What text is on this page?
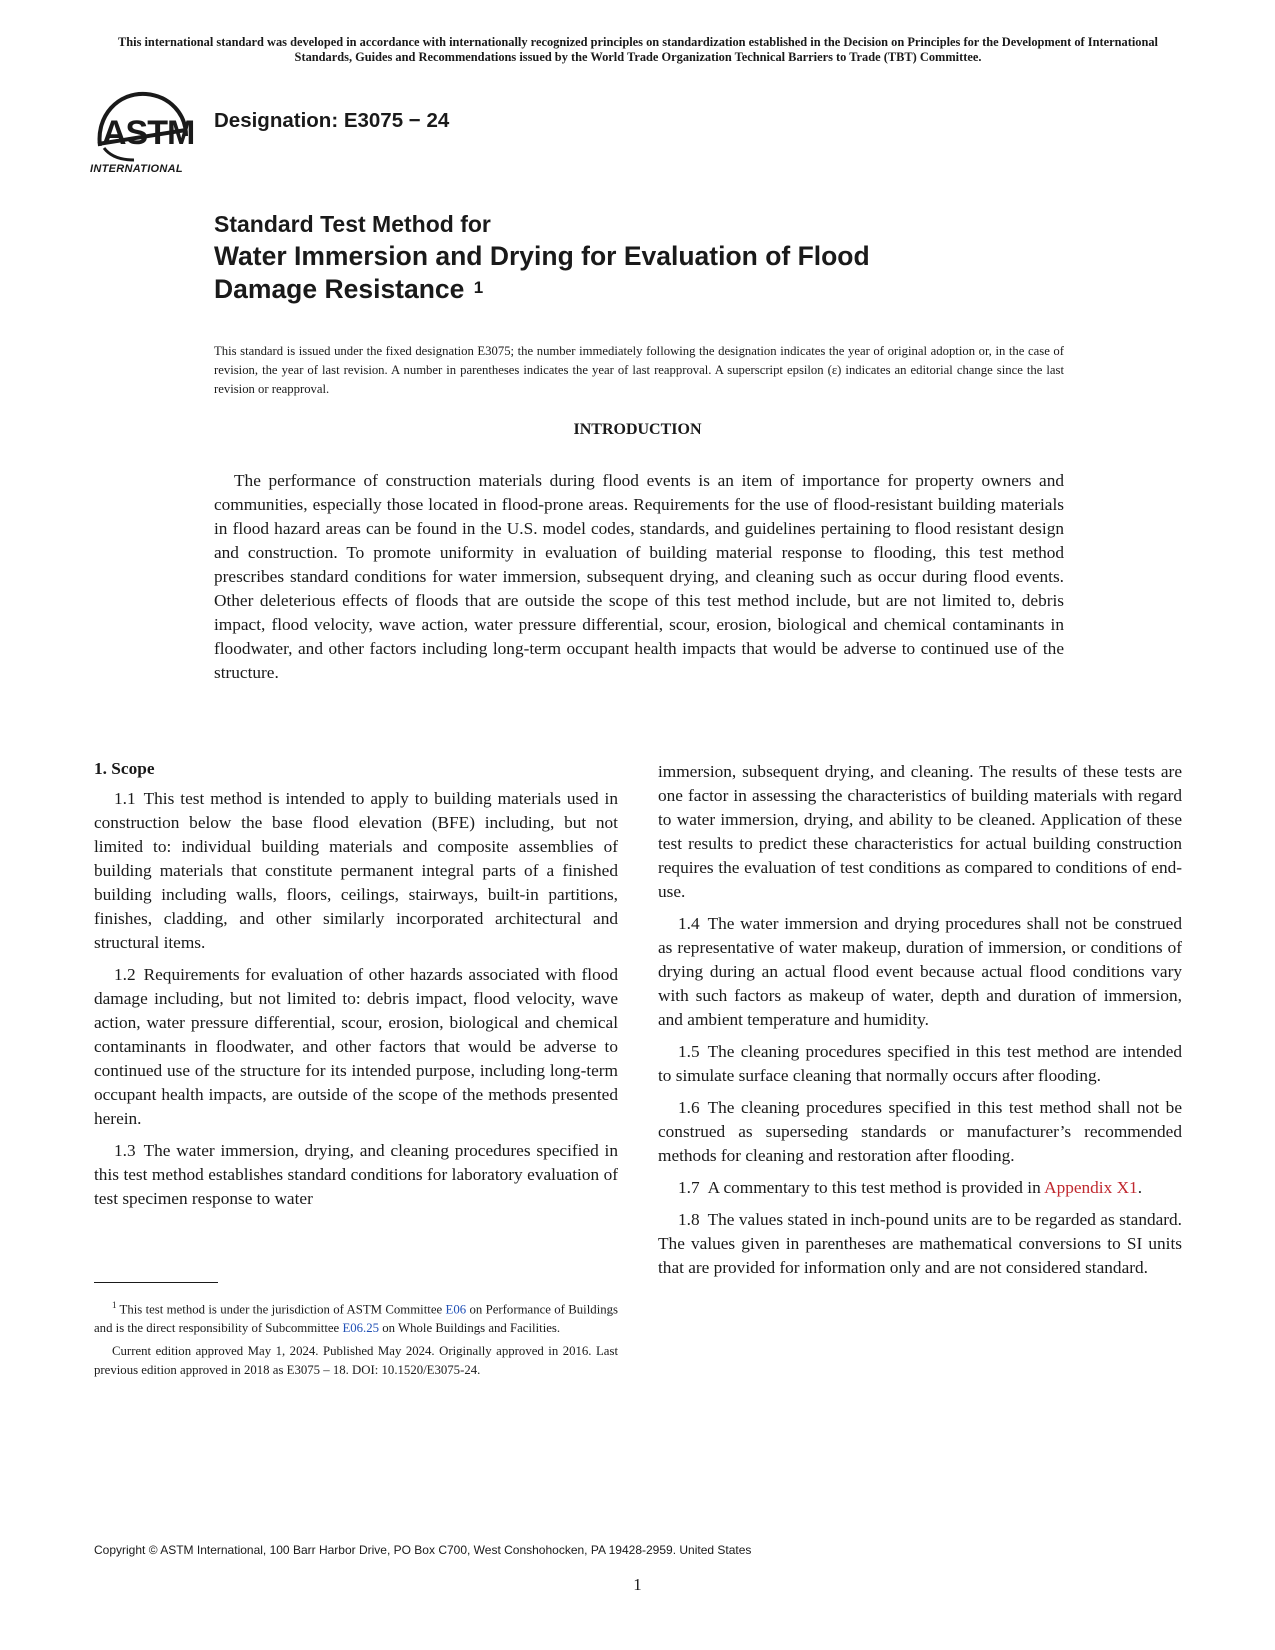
This international standard was developed in accordance with internationally recognized principles on standardization established in the Decision on Principles for the Development of International Standards, Guides and Recommendations issued by the World Trade Organization Technical Barriers to Trade (TBT) Committee.
ASTM
INTERNATIONAL
Designation: E3075 − 24
Standard Test Method for
Water Immersion and Drying for Evaluation of Flood
Damage Resistance $^1$
This standard is issued under the fixed designation E3075; the number immediately following the designation indicates the year of original adoption or, in the case of revision, the year of last revision. A number in parentheses indicates the year of last reapproval. A superscript epsilon (ε) indicates an editorial change since the last revision or reapproval.
INTRODUCTION
The performance of construction materials during flood events is an item of importance for property owners and communities, especially those located in flood-prone areas. Requirements for the use of flood-resistant building materials in flood hazard areas can be found in the U.S. model codes, standards, and guidelines pertaining to flood resistant design and construction. To promote uniformity in evaluation of building material response to flooding, this test method prescribes standard conditions for water immersion, subsequent drying, and cleaning such as occur during flood events. Other deleterious effects of floods that are outside the scope of this test method include, but are not limited to, debris impact, flood velocity, wave action, water pressure differential, scour, erosion, biological and chemical contaminants in floodwater, and other factors including long-term occupant health impacts that would be adverse to continued use of the structure.
1. Scope

1.1 This test method is intended to apply to building materials used in construction below the base flood elevation (BFE) including, but not limited to: individual building materials and composite assemblies of building materials that constitute permanent integral parts of a finished building including walls, floors, ceilings, stairways, built-in partitions, finishes, cladding, and other similarly incorporated architectural and structural items.

1.2 Requirements for evaluation of other hazards associated with flood damage including, but not limited to: debris impact, flood velocity, wave action, water pressure differential, scour, erosion, biological and chemical contaminants in floodwater, and other factors that would be adverse to continued use of the structure for its intended purpose, including long-term occupant health impacts, are outside of the scope of the methods presented herein.

1.3 The water immersion, drying, and cleaning procedures specified in this test method establishes standard conditions for laboratory evaluation of test specimen response to water

$^1$ This test method is under the jurisdiction of ASTM Committee E06 on Performance of Buildings and is the direct responsibility of Subcommittee E06.25 on Whole Buildings and Facilities.

Current edition approved May 1, 2024. Published May 2024. Originally approved in 2016. Last previous edition approved in 2018 as E3075 – 18. DOI: 10.1520/E3075-24.

immersion, subsequent drying, and cleaning. The results of these tests are one factor in assessing the characteristics of building materials with regard to water immersion, drying, and ability to be cleaned. Application of these test results to predict these characteristics for actual building construction requires the evaluation of test conditions as compared to conditions of end-use.

1.4 The water immersion and drying procedures shall not be construed as representative of water makeup, duration of immersion, or conditions of drying during an actual flood event because actual flood conditions vary with such factors as makeup of water, depth and duration of immersion, and ambient temperature and humidity.

1.5 The cleaning procedures specified in this test method are intended to simulate surface cleaning that normally occurs after flooding.

1.6 The cleaning procedures specified in this test method shall not be construed as superseding standards or manufacturer’s recommended methods for cleaning and restoration after flooding.

1.7 A commentary to this test method is provided in Appendix X1.

1.8 The values stated in inch-pound units are to be regarded as standard. The values given in parentheses are mathematical conversions to SI units that are provided for information only and are not considered standard.

Copyright © ASTM International, 100 Barr Harbor Drive, PO Box C700, West Conshohocken, PA 19428-2959. United States
1
